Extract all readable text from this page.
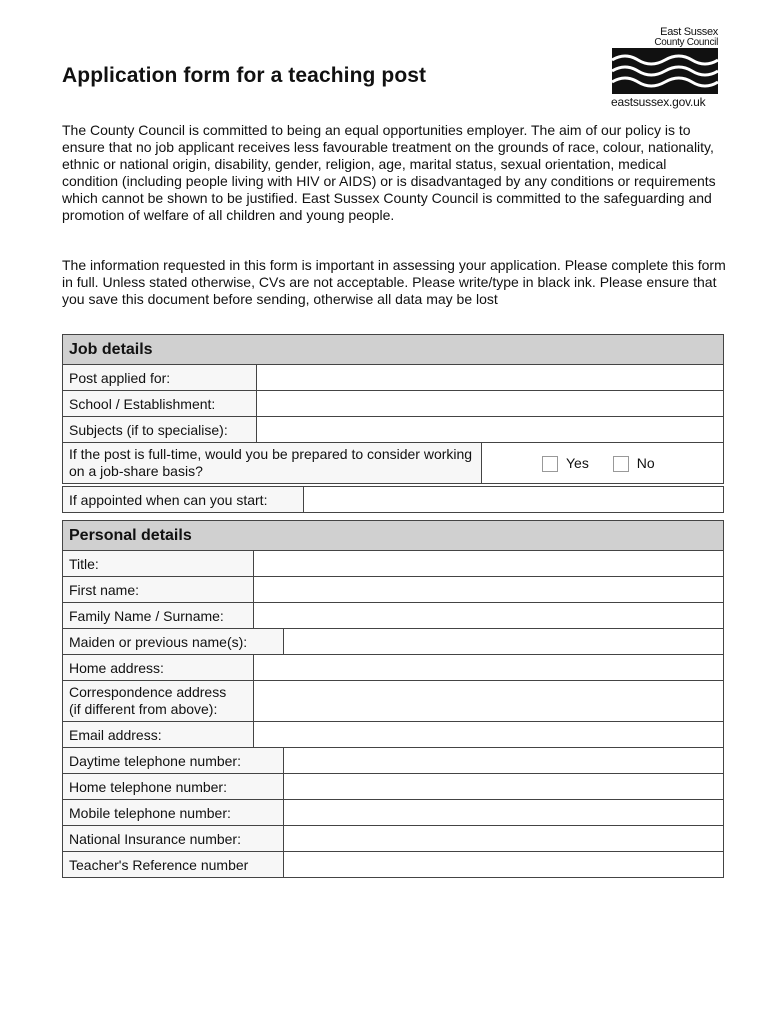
Application form for a teaching post
East Sussex
County Council
eastsussex.gov.uk

The County Council is committed to being an equal opportunities employer. The aim of our policy is to ensure that no job applicant receives less favourable treatment on the grounds of race, colour, nationality, ethnic or national origin, disability, gender, religion, age, marital status, sexual orientation, medical condition (including people living with HIV or AIDS) or is disadvantaged by any conditions or requirements which cannot be shown to be justified. East Sussex County Council is committed to the safeguarding and promotion of welfare of all children and young people.

The information requested in this form is important in assessing your application. Please complete this form in full. Unless stated otherwise, CVs are not acceptable. Please write/type in black ink. Please ensure that you save this document before sending, otherwise all data may be lost

Job details		
Post applied for:		
School / Establishment:		
Subjects (if to specialise):		
If the post is full-time, would you be prepared to consider working on a job-share basis?		Yes No
If appointed when can you start:	
Personal details		
Title:		
First name:		
Family Name / Surname:		
Maiden or previous name(s):		
Home address:		
Correspondence address
(if different from above):		
Email address:		
Daytime telephone number:		
Home telephone number:		
Mobile telephone number:		
National Insurance number:		
Teacher's Reference number		
